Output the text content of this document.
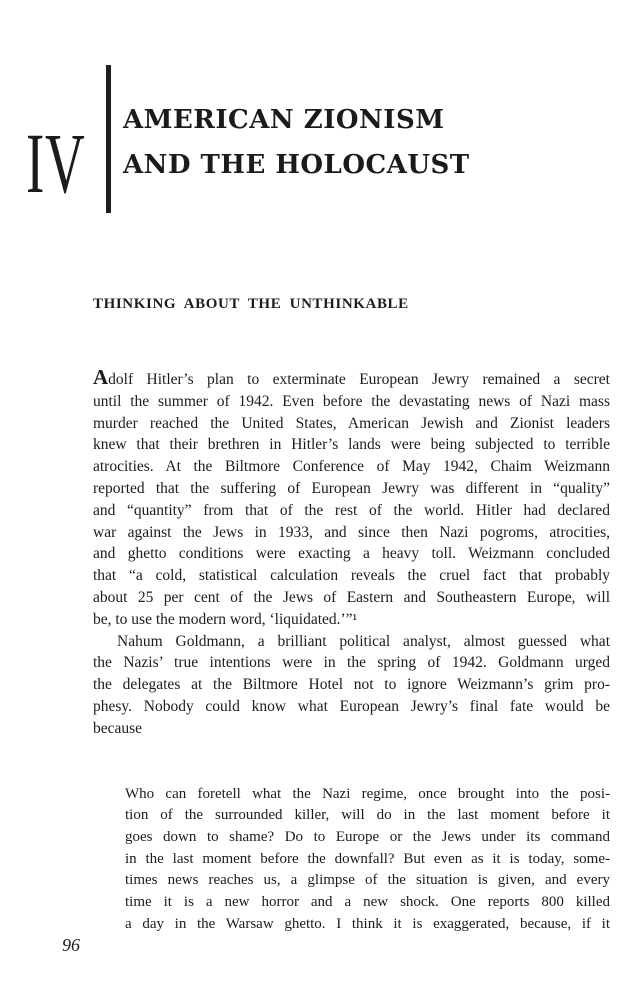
IV AMERICAN ZIONISM
AND THE HOLOCAUST
THINKING ABOUT THE UNTHINKABLE
Adolf Hitler’s plan to exterminate European Jewry remained a secret
until the summer of 1942. Even before the devastating news of Nazi mass
murder reached the United States, American Jewish and Zionist leaders
knew that their brethren in Hitler’s lands were being subjected to terrible
atrocities. At the Biltmore Conference of May 1942, Chaim Weizmann
reported that the suffering of European Jewry was different in “quality”
and “quantity” from that of the rest of the world. Hitler had declared
war against the Jews in 1933, and since then Nazi pogroms, atrocities,
and ghetto conditions were exacting a heavy toll. Weizmann concluded
that “a cold, statistical calculation reveals the cruel fact that probably
about 25 per cent of the Jews of Eastern and Southeastern Europe, will
be, to use the modern word, ‘liquidated.’”¹
Nahum Goldmann, a brilliant political analyst, almost guessed what
the Nazis’ true intentions were in the spring of 1942. Goldmann urged
the delegates at the Biltmore Hotel not to ignore Weizmann’s grim pro-
phesy. Nobody could know what European Jewry’s final fate would be
because
Who can foretell what the Nazi regime, once brought into the posi-
tion of the surrounded killer, will do in the last moment before it
goes down to shame? Do to Europe or the Jews under its command
in the last moment before the downfall? But even as it is today, some-
times news reaches us, a glimpse of the situation is given, and every
time it is a new horror and a new shock. One reports 800 killed
a day in the Warsaw ghetto. I think it is exaggerated, because, if it
96
